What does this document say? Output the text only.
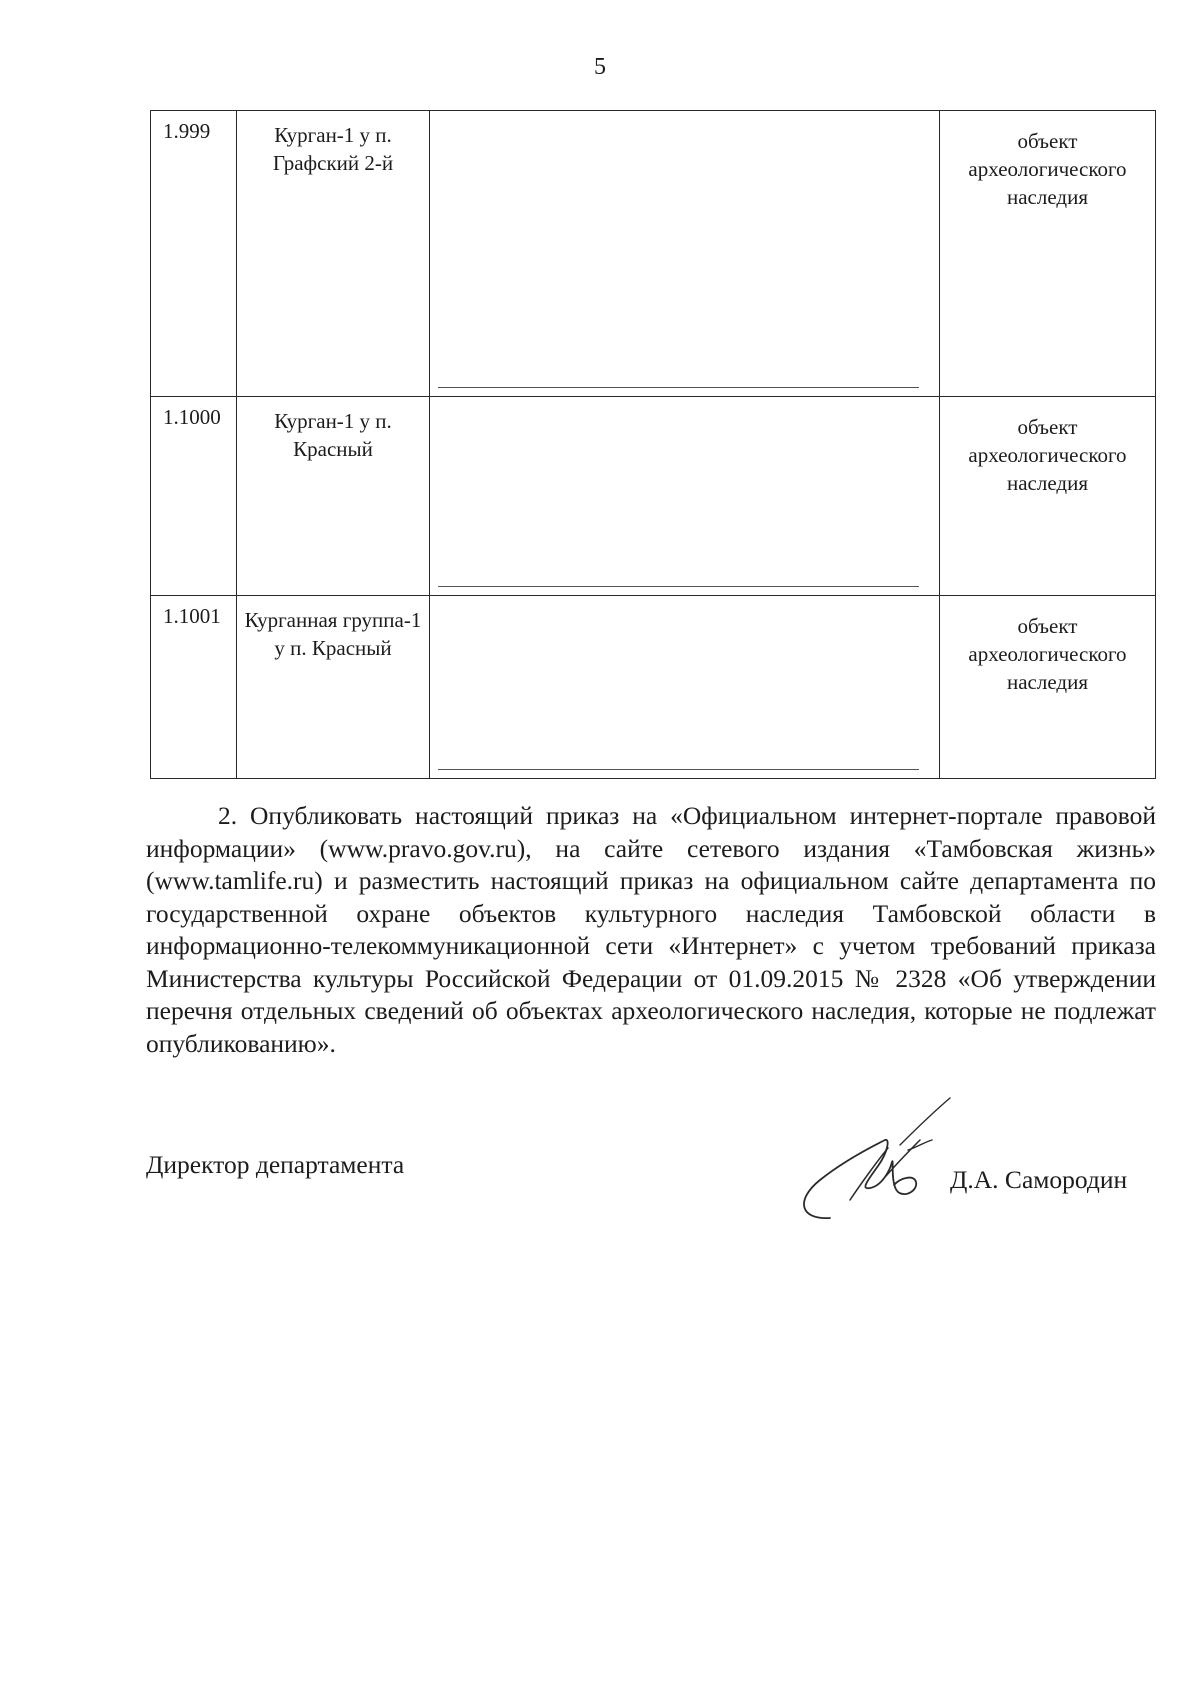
5
1.999	Курган-1 у п. Графский 2-й		объект археологического наследия

1.1000	Курган-1 у п. Красный		объект археологического наследия

1.1001	Курганная группа-1 у п. Красный		объект археологического наследия

2. Опубликовать настоящий приказ на «Официальном интернет-портале правовой информации» (www.pravo.gov.ru), на сайте сетевого издания «Тамбовская жизнь» (www.tamlife.ru) и разместить настоящий приказ на официальном сайте департамента по государственной охране объектов культурного наследия Тамбовской области в информационно-телекоммуникационной сети «Интернет» с учетом требований приказа Министерства культуры Российской Федерации от 01.09.2015 № 2328 «Об утверждении перечня отдельных сведений об объектах археологического наследия, которые не подлежат опубликованию».

Директор департамента
Д.А. Самородин
